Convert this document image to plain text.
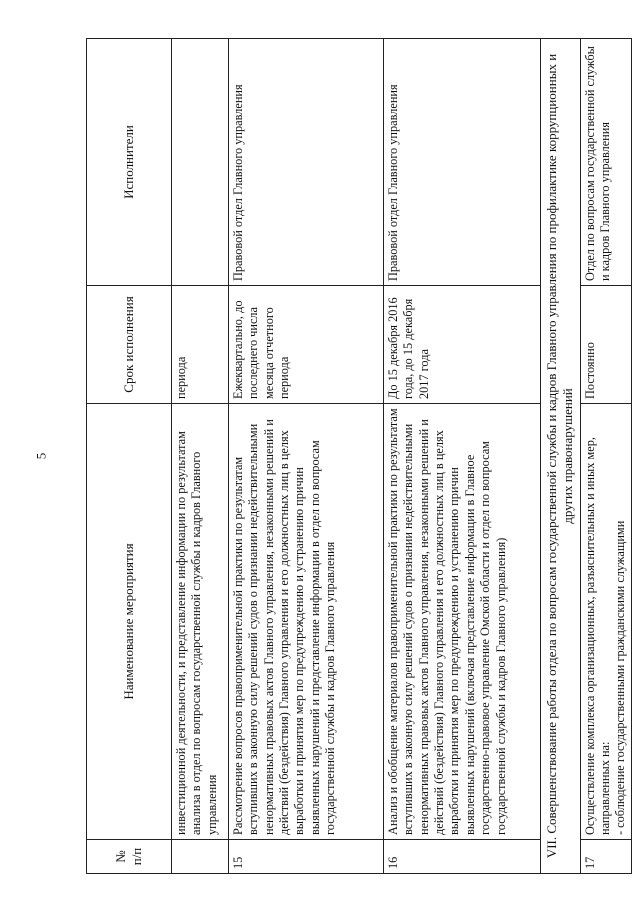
5
№ п/п	Наименование мероприятия	Срок исполнения	Исполнители
	инвестиционной деятельности, и представление информации по результатам анализа в отдел по вопросам государственной службы и кадров Главного управления	периода	
15	Рассмотрение вопросов правоприменительной практики по результатам вступивших в законную силу решений судов о признании недействительными ненормативных правовых актов Главного управления, незаконными решений и действий (бездействия) Главного управления и его должностных лиц в целях выработки и принятия мер по предупреждению и устранению причин выявленных нарушений и представление информации в отдел по вопросам государственной службы и кадров Главного управления	Ежеквартально, до последнего числа месяца отчетного периода	Правовой отдел Главного управления
16	Анализ и обобщение материалов правоприменительной практики по результатам вступивших в законную силу решений судов о признании недействительными ненормативных правовых актов Главного управления, незаконными решений и действий (бездействия) Главного управления и его должностных лиц в целях выработки и принятия мер по предупреждению и устранению причин выявленных нарушений (включая представление информации в Главное государственно-правовое управление Омской области и отдел по вопросам государственной службы и кадров Главного управления)	До 15 декабря 2016 года, до 15 декабря 2017 года	Правовой отдел Главного управления
VII. Совершенствование работы отдела по вопросам государственной службы и кадров Главного управления по профилактике коррупционных и других правонарушений			
17	Осуществление комплекса организационных, разъяснительных и иных мер, направленных на: - соблюдение государственными гражданскими служащими	Постоянно	Отдел по вопросам государственной службы и кадров Главного управления
